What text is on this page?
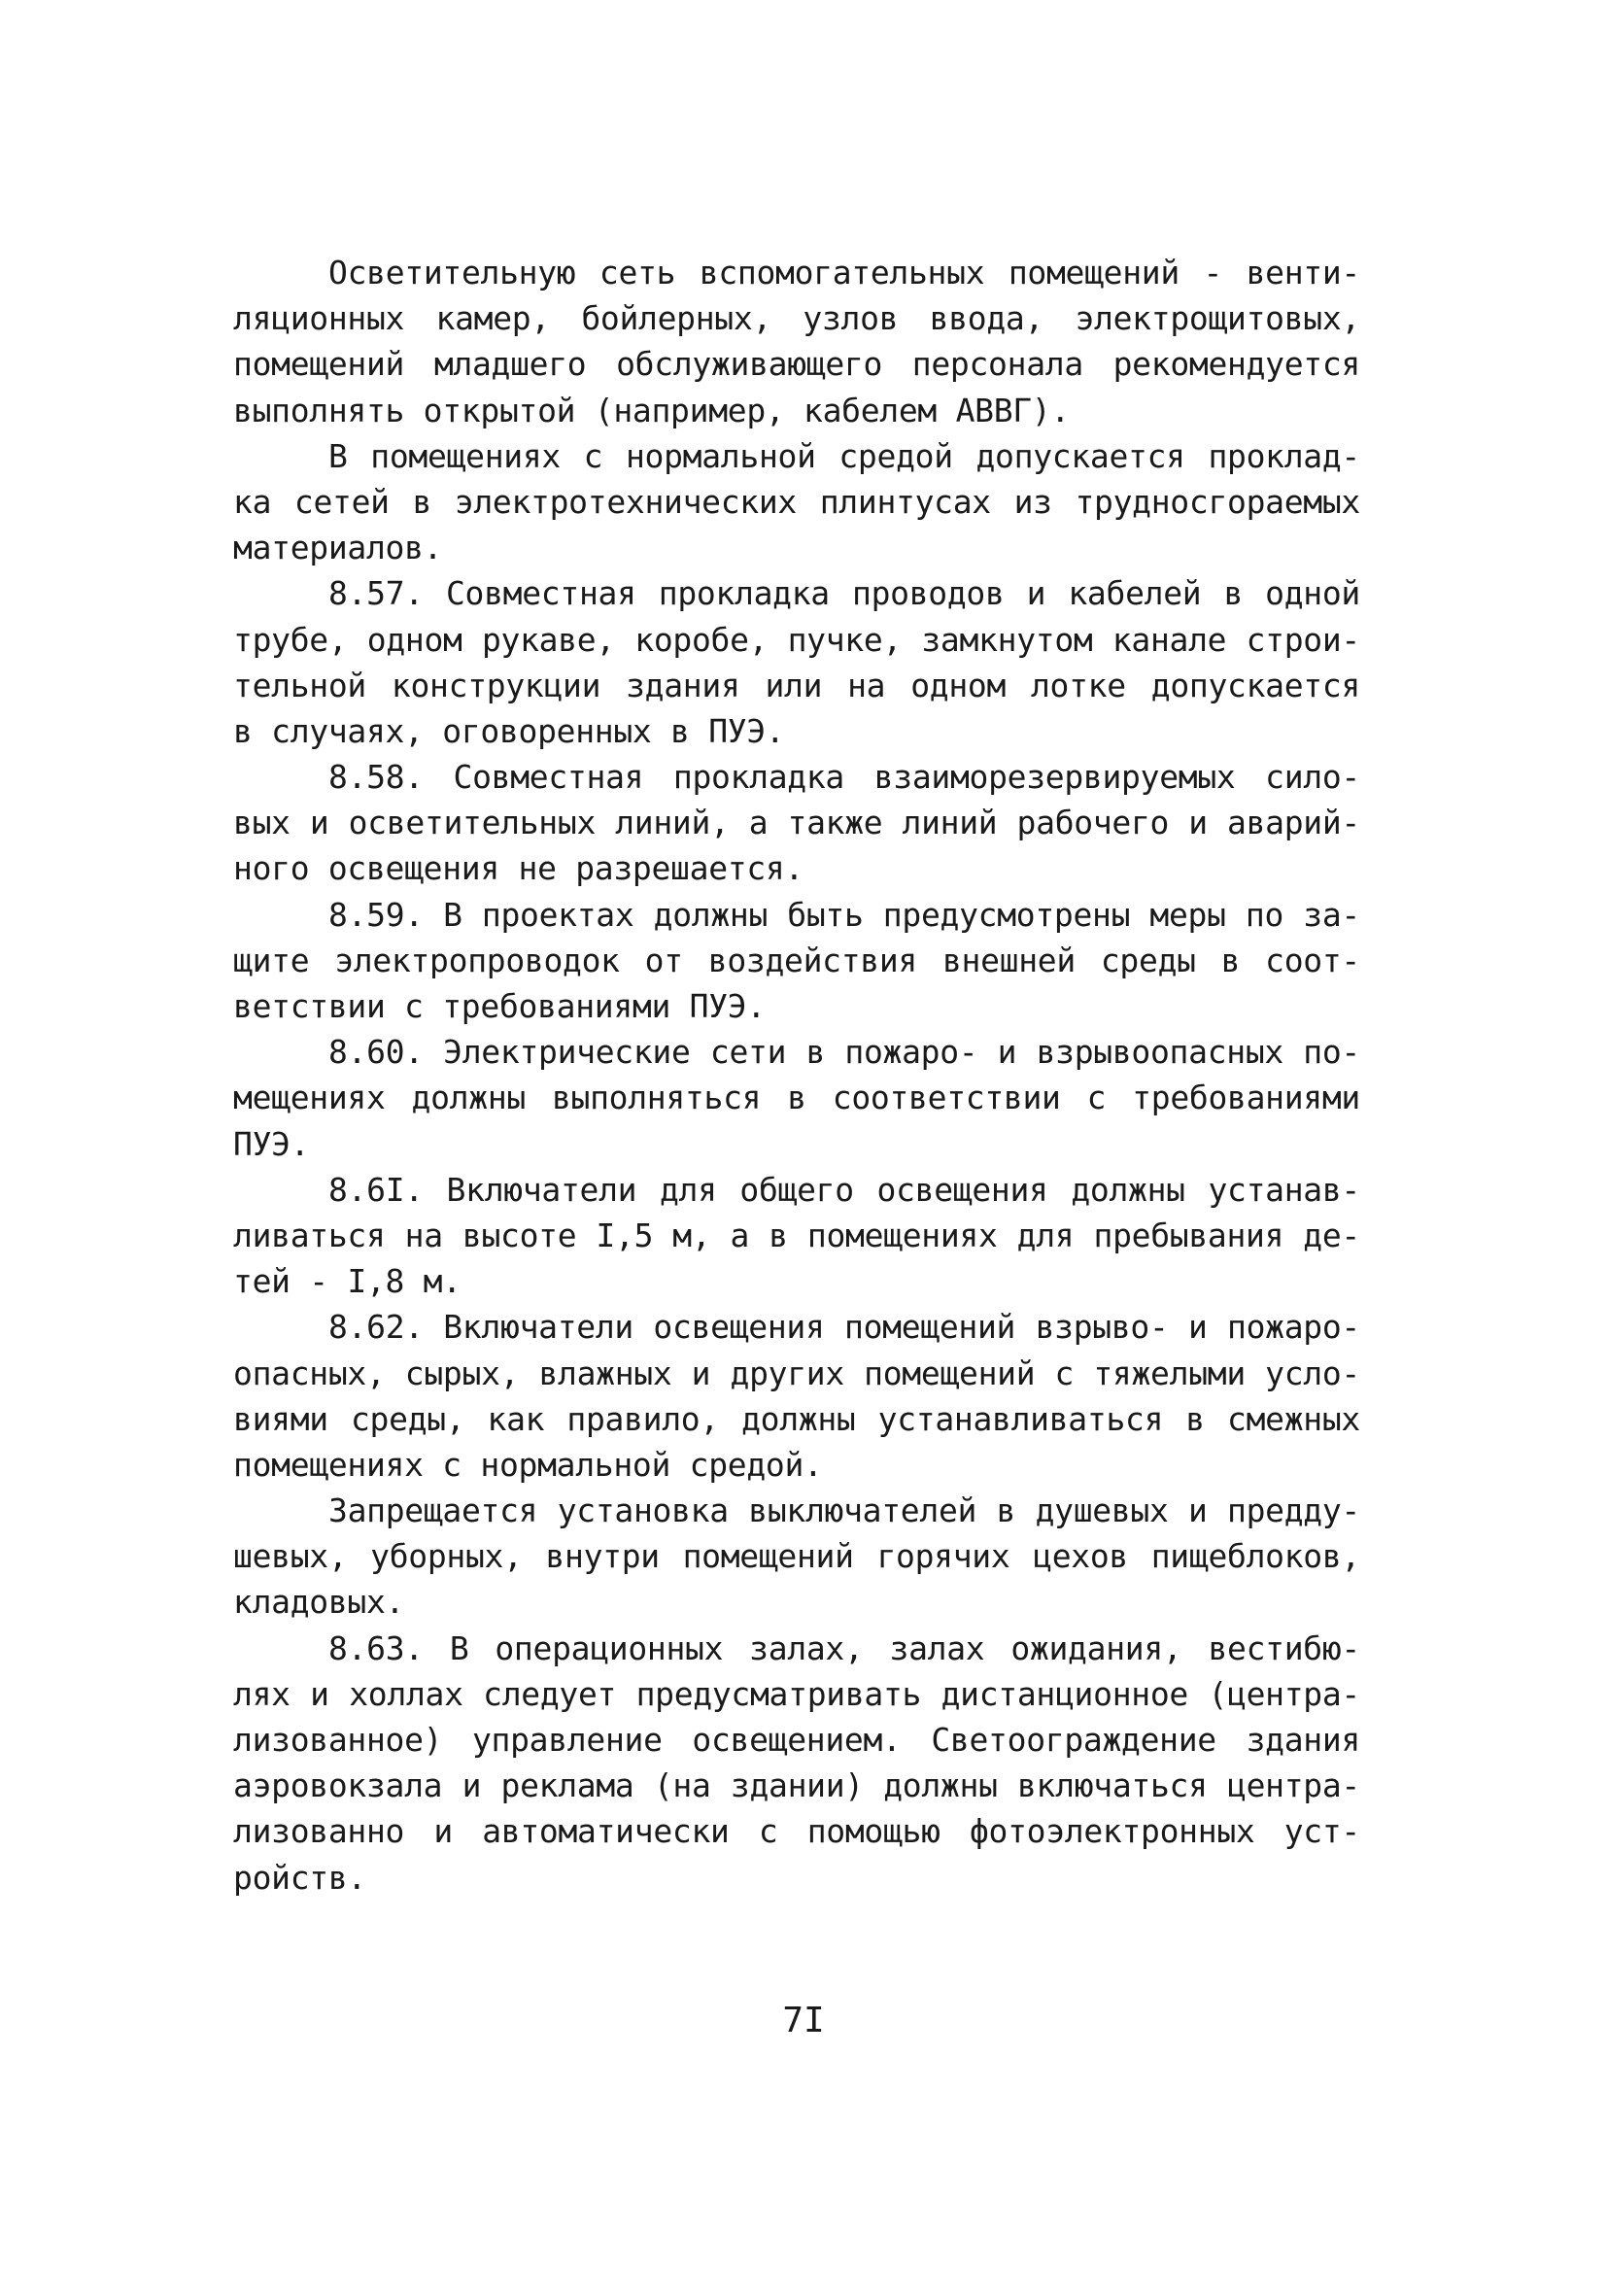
Осветительную сеть вспомогательных помещений - венти-
ляционных камер, бойлерных, узлов ввода, электрощитовых,
помещений младшего обслуживающего персонала рекомендуется
выполнять открытой (например, кабелем АВВГ).
В помещениях с нормальной средой допускается проклад-
ка сетей в электротехнических плинтусах из трудносгораемых
материалов.
8.57. Совместная прокладка проводов и кабелей в одной
трубе, одном рукаве, коробе, пучке, замкнутом канале строи-
тельной конструкции здания или на одном лотке допускается
в случаях, оговоренных в ПУЭ.
8.58. Совместная прокладка взаиморезервируемых сило-
вых и осветительных линий, а также линий рабочего и аварий-
ного освещения не разрешается.
8.59. В проектах должны быть предусмотрены меры по за-
щите электропроводок от воздействия внешней среды в соот-
ветствии с требованиями ПУЭ.
8.60. Электрические сети в пожаро- и взрывоопасных по-
мещениях должны выполняться в соответствии с требованиями
ПУЭ.
8.6I. Включатели для общего освещения должны устанав-
ливаться на высоте I,5 м, а в помещениях для пребывания де-
тей - I,8 м.
8.62. Включатели освещения помещений взрыво- и пожаро-
опасных, сырых, влажных и других помещений с тяжелыми усло-
виями среды, как правило, должны устанавливаться в смежных
помещениях с нормальной средой.
Запрещается установка выключателей в душевых и предду-
шевых, уборных, внутри помещений горячих цехов пищеблоков,
кладовых.
8.63. В операционных залах, залах ожидания, вестибю-
лях и холлах следует предусматривать дистанционное (центра-
лизованное) управление освещением. Светоограждение здания
аэровокзала и реклама (на здании) должны включаться центра-
лизованно и автоматически с помощью фотоэлектронных уст-
ройств.
7I
